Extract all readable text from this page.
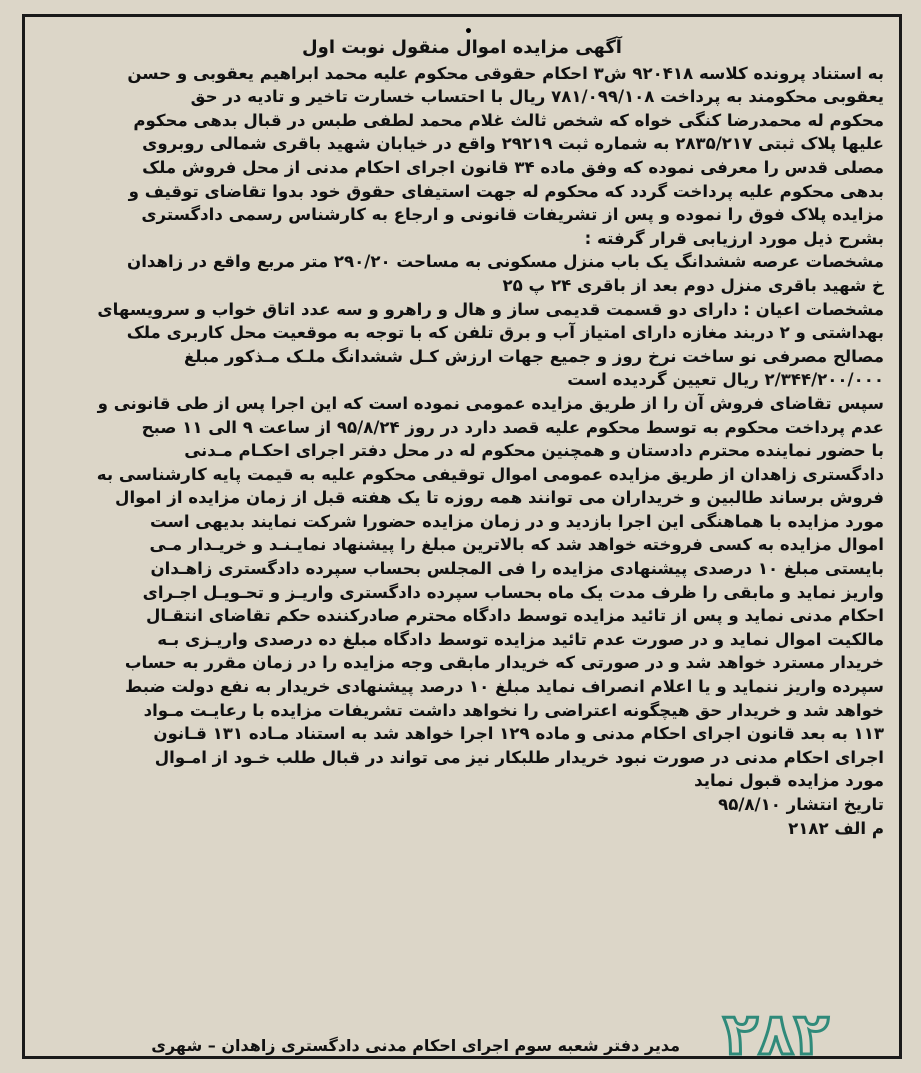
•
آگهی مزایده اموال منقول نوبت اول
به استناد پرونده کلاسه ۹۲۰۴۱۸ ش۳ احکام حقوقی محکوم علیه محمد ابراهیم یعقوبی و حسن
یعقوبی محکومند به پرداخت ۷۸۱/۰۹۹/۱۰۸ ریال با احتساب خسارت تاخیر و تادیه در حق
محکوم له محمدرضا کنگی خواه که شخص ثالث غلام محمد لطفی طبس در قبال بدهی محکوم
علیها پلاک ثبتی ۲۸۳۵/۲۱۷ به شماره ثبت ۲۹۲۱۹ واقع در خیابان شهید باقری شمالی روبروی
مصلی قدس را معرفی نموده که وفق ماده ۳۴ قانون اجرای احکام مدنی از محل فروش ملک
بدهی محکوم علیه پرداخت گردد که محکوم له جهت استیفای حقوق خود بدوا تقاضای توقیف و
مزایده پلاک فوق را نموده و پس از تشریفات قانونی و ارجاع به کارشناس رسمی دادگستری
بشرح ذیل مورد ارزیابی قرار گرفته :
مشخصات عرصه ششدانگ یک باب منزل مسکونی به مساحت ۲۹۰/۲۰ متر مربع واقع در زاهدان
خ شهید باقری منزل دوم بعد از باقری ۲۴ پ ۲۵
مشخصات اعیان : دارای دو قسمت قدیمی ساز و هال و راهرو و سه عدد اتاق خواب و سرویسهای
بهداشتی و ۲ دربند مغازه دارای امتیاز آب و برق تلفن که با توجه به موقعیت محل کاربری ملک
مصالح مصرفی نو ساخت نرخ روز و جمیع جهات ارزش کـل ششدانگ ملـک مـذکور مبلغ
۲/۳۴۴/۲۰۰/۰۰۰ ریال تعیین گردیده است
سپس تقاضای فروش آن را از طریق مزایده عمومی نموده است که این اجرا پس از طی قانونی و
عدم پرداخت محکوم به توسط محکوم علیه قصد دارد در روز ۹۵/۸/۲۴ از ساعت ۹ الی ۱۱ صبح
با حضور نماینده محترم دادستان و همچنین محکوم له در محل دفتر اجرای احکـام مـدنی
دادگستری زاهدان از طریق مزایده عمومی اموال توقیفی محکوم علیه به قیمت پایه کارشناسی به
فروش برساند طالبین و خریداران می توانند همه روزه تا یک هفته قبل از زمان مزایده از اموال
مورد مزایده با هماهنگی این اجرا بازدید و در زمان مزایده حضورا شرکت نمایند بدیهی است
اموال مزایده به کسی فروخته خواهد شد که بالاترین مبلغ را پیشنهاد نمایـنـد و خریـدار مـی
بایستی مبلغ ۱۰ درصدی پیشنهادی مزایده را فی المجلس بحساب سپرده دادگستری زاهـدان
واریز نماید و مابقی را ظرف مدت یک ماه بحساب سپرده دادگستری واریـز و تحـویـل اجـرای
احکام مدنی نماید و پس از تائید مزایده توسط دادگاه محترم صادرکننده حکم تقاضای انتقـال
مالکیت اموال نماید و در صورت عدم تائید مزایده توسط دادگاه مبلغ ده درصدی واریـزی بـه
خریدار مسترد خواهد شد و در صورتی که خریدار مابقی وجه مزایده را در زمان مقرر به حساب
سپرده واریز ننماید و یا اعلام انصراف نماید مبلغ ۱۰ درصد پیشنهادی خریدار به نفع دولت ضبط
خواهد شد و خریدار حق هیچگونه اعتراضی را نخواهد داشت تشریفات مزایده با رعایـت مـواد
۱۱۳ به بعد قانون اجرای احکام مدنی و ماده ۱۲۹ اجرا خواهد شد به استناد مـاده ۱۳۱ قـانون
اجرای احکام مدنی در صورت نبود خریدار طلبکار نیز می تواند در قبال طلب خـود از امـوال
مورد مزایده قبول نماید
تاریخ انتشار ۹۵/۸/۱۰
م الف ۲۱۸۲
مدیر دفتر شعبه سوم اجرای احکام مدنی دادگستری زاهدان – شهری ۲۸۲
